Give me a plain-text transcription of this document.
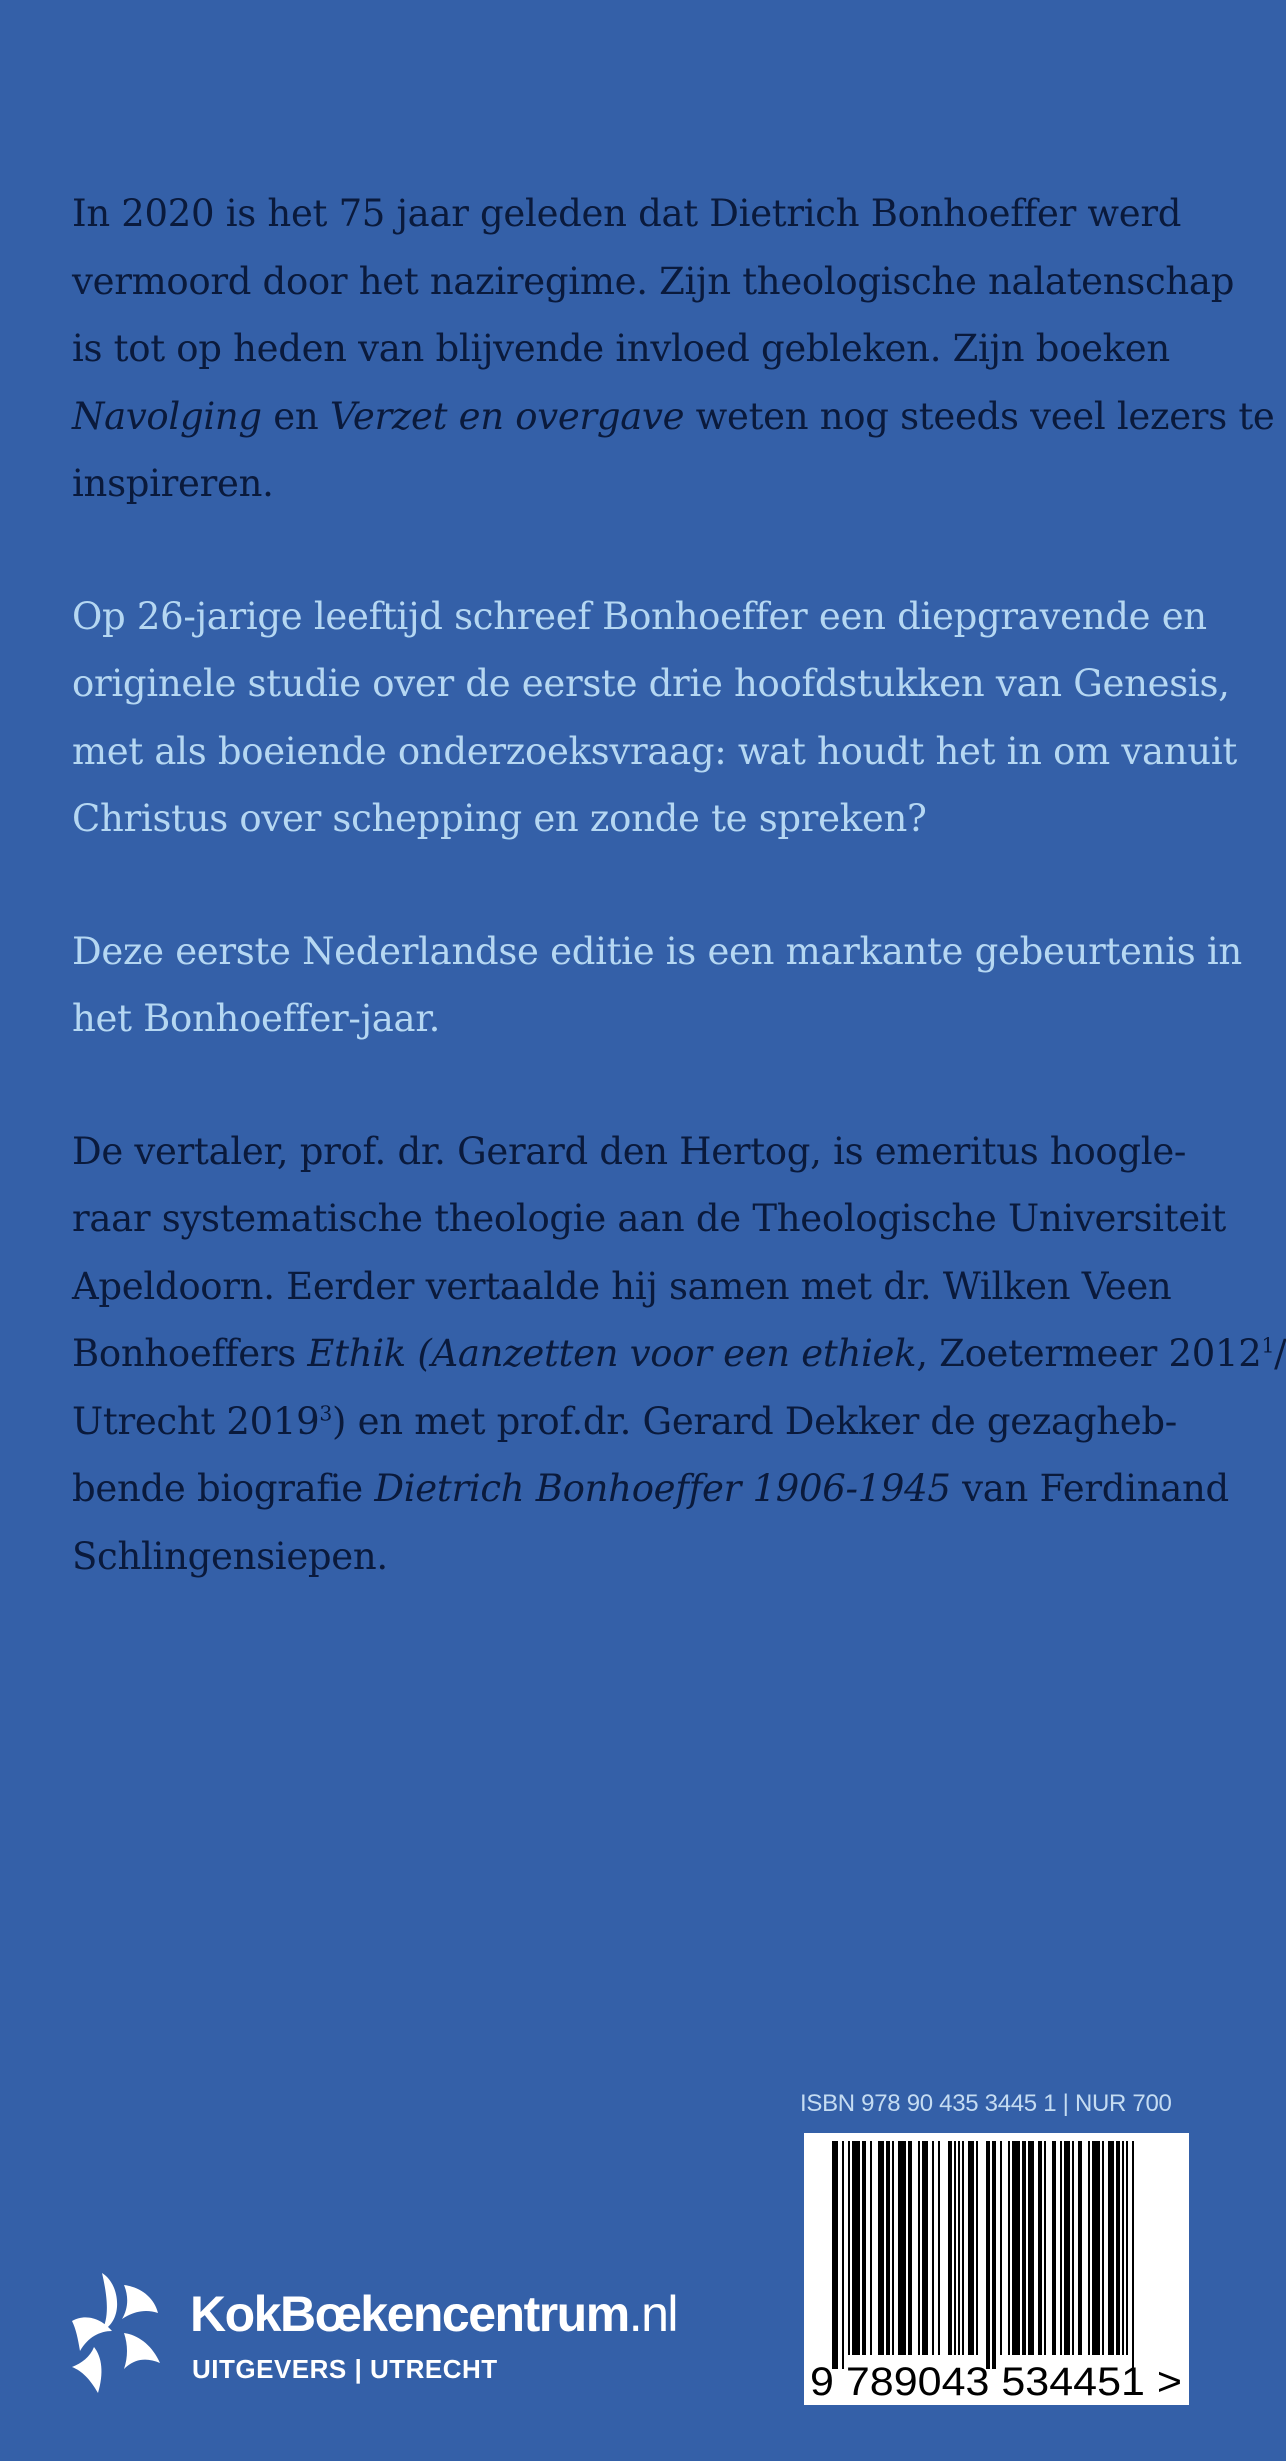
In 2020 is het 75 jaar geleden dat Dietrich Bonhoeffer werd
vermoord door het naziregime. Zijn theologische nalatenschap
is tot op heden van blijvende invloed gebleken. Zijn boeken
Navolging en Verzet en overgave weten nog steeds veel lezers te
inspireren.

Op 26-jarige leeftijd schreef Bonhoeffer een diepgravende en
originele studie over de eerste drie hoofdstukken van Genesis,
met als boeiende onderzoeksvraag: wat houdt het in om vanuit
Christus over schepping en zonde te spreken?

Deze eerste Nederlandse editie is een markante gebeurtenis in
het Bonhoeffer-jaar.

De vertaler, prof. dr. Gerard den Hertog, is emeritus hoogle-
raar systematische theologie aan de Theologische Universiteit
Apeldoorn. Eerder vertaalde hij samen met dr. Wilken Veen
Bonhoeffers Ethik (Aanzetten voor een ethiek, Zoetermeer 2012$^1$/
Utrecht 2019$^3$) en met prof.dr. Gerard Dekker de gezagheb-
bende biografie Dietrich Bonhoeffer 1906-1945 van Ferdinand
Schlingensiepen.

KokBœkencentrum.nl
UITGEVERS | UTRECHT
ISBN 978 90 435 3445 1 | NUR 700
9 789043 534451 >
